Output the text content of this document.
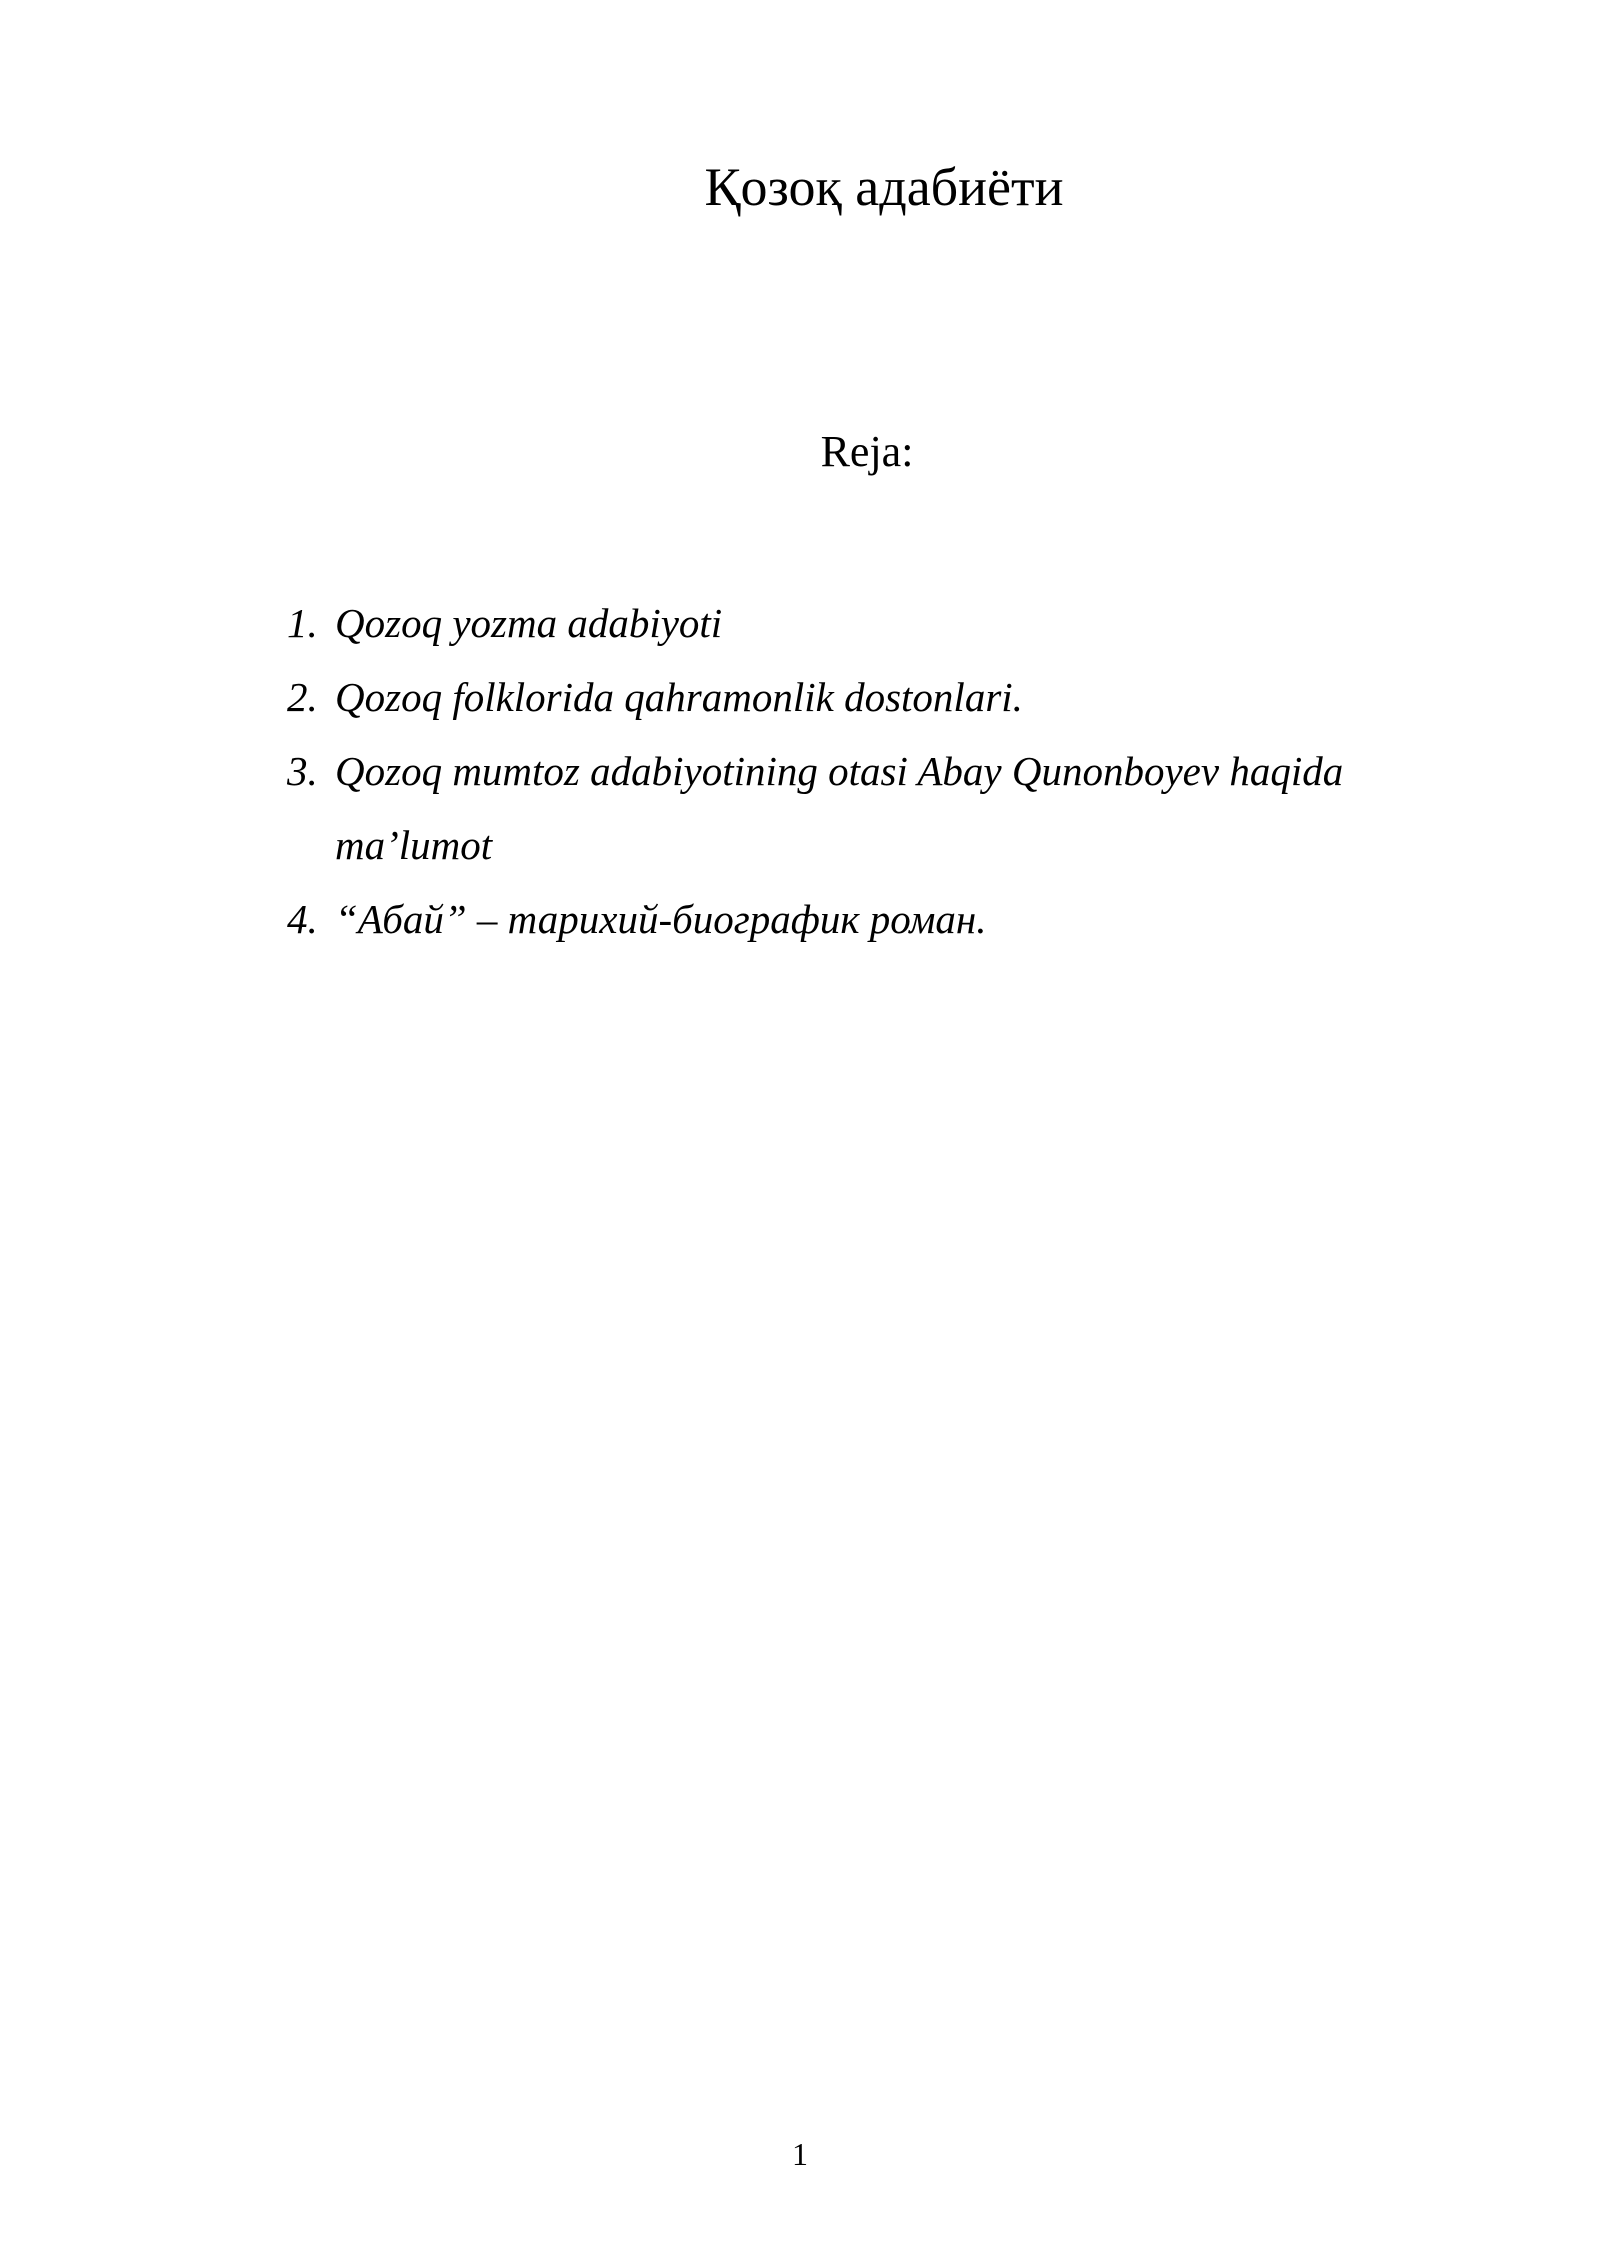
Қозоқ адабиёти
Reja:
1. Qozoq yozma adabiyoti
2. Qozoq folklorida qahramonlik dostonlari.
3. Qozoq mumtoz adabiyotining otasi Abay Qunonboyev haqida ma’lumot
4. “Абай” – тарихий-биографик роман.
1
